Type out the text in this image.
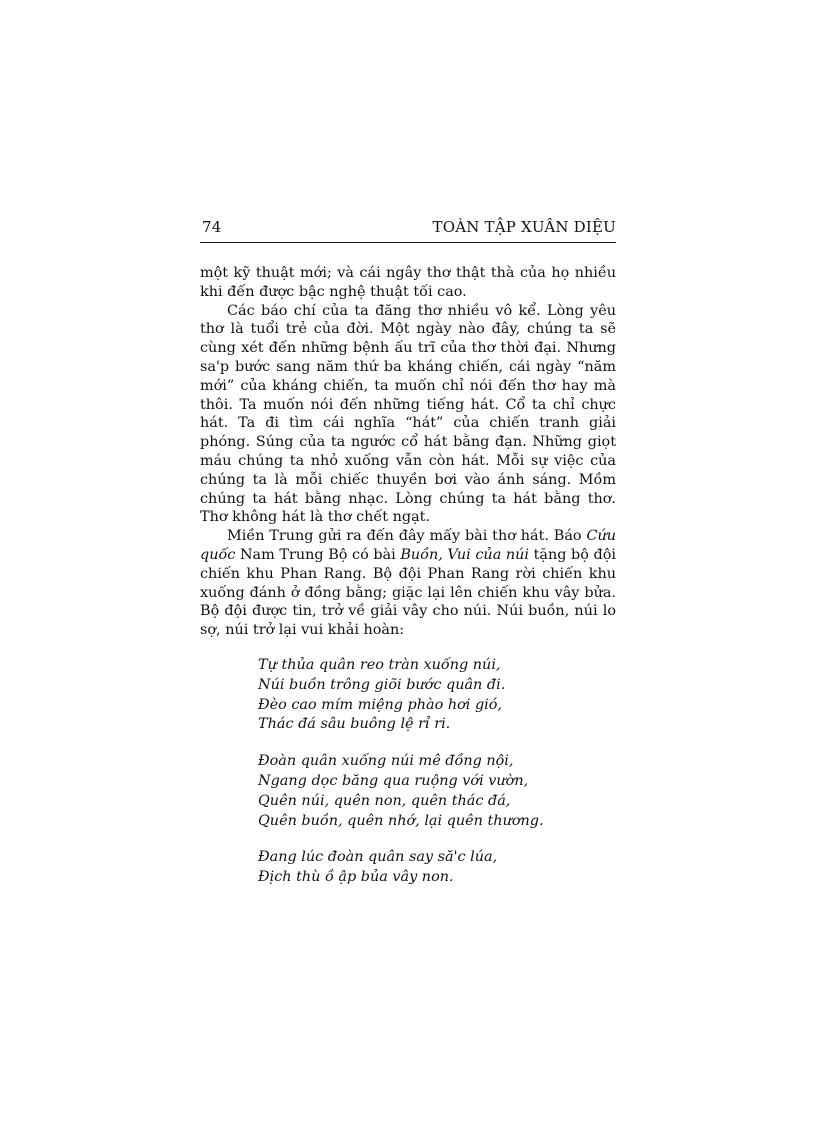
74	TOÀN TẬP XUÂN DIỆU

một kỹ thuật mới; và cái ngây thơ thật thà của họ nhiều khi đến được bậc nghệ thuật tối cao.

Các báo chí của ta đăng thơ nhiều vô kể. Lòng yêu thơ là tuổi trẻ của đời. Một ngày nào đây, chúng ta sẽ cùng xét đến những bệnh ấu trĩ của thơ thời đại. Nhưng sa'p bước sang năm thứ ba kháng chiến, cái ngày “năm mới” của kháng chiến, ta muốn chỉ nói đến thơ hay mà thôi. Ta muốn nói đến những tiếng hát. Cổ ta chỉ chực hát. Ta đi tìm cái nghĩa “hát” của chiến tranh giải phóng. Súng của ta ngước cổ hát bằng đạn. Những giọt máu chúng ta nhỏ xuống vẫn còn hát. Mỗi sự việc của chúng ta là mỗi chiếc thuyền bơi vào ánh sáng. Mồm chúng ta hát bằng nhạc. Lòng chúng ta hát bằng thơ. Thơ không hát là thơ chết ngạt.

Miền Trung gửi ra đến đây mấy bài thơ hát. Báo Cứu quốc Nam Trung Bộ có bài Buồn, Vui của núi tặng bộ đội chiến khu Phan Rang. Bộ đội Phan Rang rời chiến khu xuống đánh ở đồng bằng; giặc lại lên chiến khu vây bửa. Bộ đội được tin, trở về giải vây cho núi. Núi buồn, núi lo sợ, núi trở lại vui khải hoàn:

Tự thủa quân reo tràn xuống núi,
Núi buồn trông giõi bước quân đi.
Đèo cao mím miệng phào hơi gió,
Thác đá sâu buông lệ rỉ ri.
Đoàn quân xuống núi mê đồng nội,
Ngang dọc băng qua ruộng với vườn,
Quên núi, quên non, quên thác đá,
Quên buồn, quên nhớ, lại quên thương.
Đang lúc đoàn quân say să'c lúa,
Địch thù ồ ập bủa vây non.
